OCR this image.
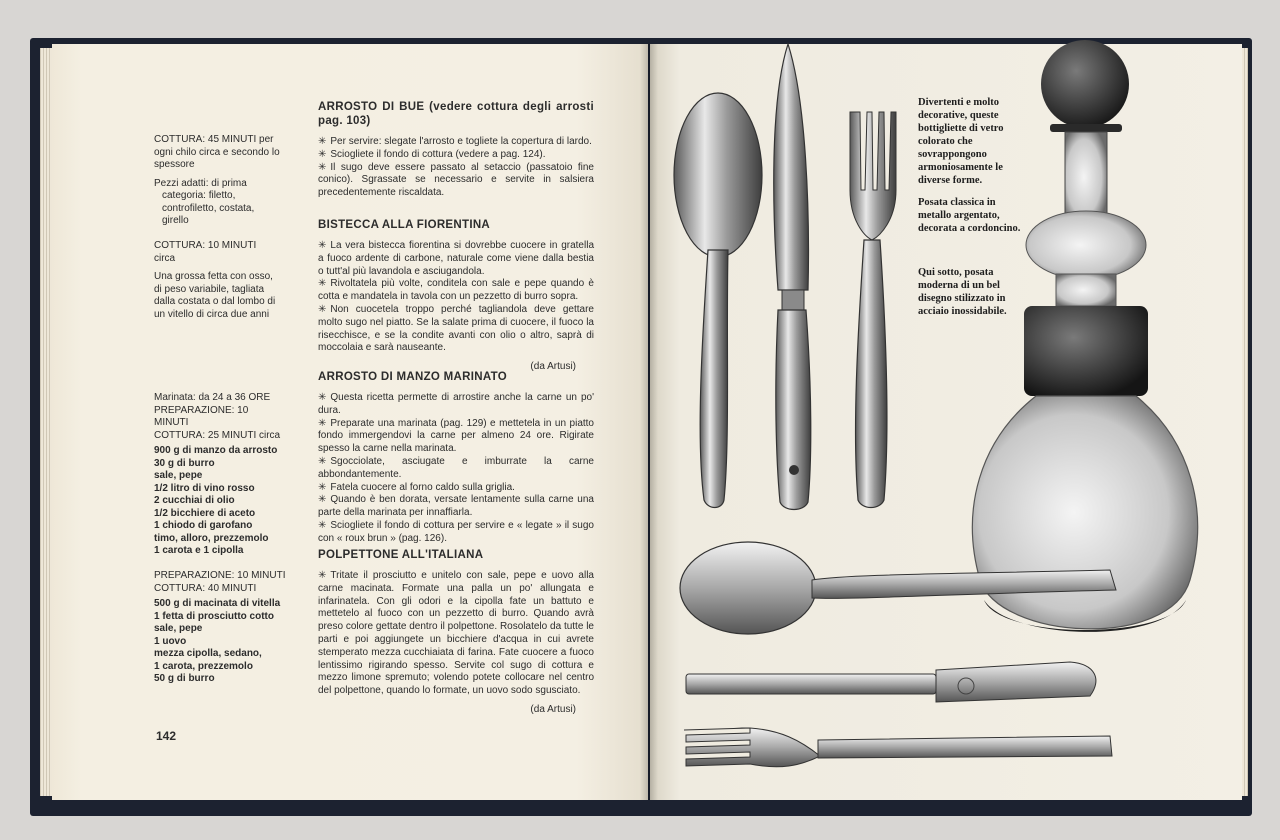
COTTURA: 45 MINUTI per ogni chilo circa e secondo lo spessore

Pezzi adatti: di prima categoria: filetto, controfiletto, costata, girello

COTTURA: 10 MINUTI circa

Una grossa fetta con osso, di peso variabile, tagliata dalla costata o dal lombo di un vitello di circa due anni

Marinata: da 24 a 36 ORE

PREPARAZIONE: 10 MINUTI

COTTURA: 25 MINUTI circa

900 g di manzo da arrosto

30 g di burro

sale, pepe

1/2 litro di vino rosso

2 cucchiai di olio

1/2 bicchiere di aceto

1 chiodo di garofano

timo, alloro, prezzemolo

1 carota e 1 cipolla

PREPARAZIONE: 10 MINUTI

COTTURA: 40 MINUTI

500 g di macinata di vitella

1 fetta di prosciutto cotto

sale, pepe

1 uovo

mezza cipolla, sedano,

1 carota, prezzemolo

50 g di burro

ARROSTO DI BUE (vedere cottura degli arrosti pag. 103)

✳ Per servire: slegate l'arrosto e togliete la copertura di lardo.

✳ Sciogliete il fondo di cottura (vedere a pag. 124).

✳ Il sugo deve essere passato al setaccio (passatoio fine conico). Sgrassate se necessario e servite in salsiera precedentemente riscaldata.

BISTECCA ALLA FIORENTINA

✳ La vera bistecca fiorentina si dovrebbe cuocere in gratella a fuoco ardente di carbone, naturale come viene dalla bestia o tutt'al più lavandola e asciugandola.

✳ Rivoltatela più volte, conditela con sale e pepe quando è cotta e mandatela in tavola con un pezzetto di burro sopra.

✳ Non cuocetela troppo perché tagliandola deve gettare molto sugo nel piatto. Se la salate prima di cuocere, il fuoco la risecchisce, e se la condite avanti con olio o altro, saprà di moccolaia e sarà nauseante.

(da Artusi)

ARROSTO DI MANZO MARINATO

✳ Questa ricetta permette di arrostire anche la carne un po' dura.

✳ Preparate una marinata (pag. 129) e mettetela in un piatto fondo immergendovi la carne per almeno 24 ore. Rigirate spesso la carne nella marinata.

✳ Sgocciolate, asciugate e imburrate la carne abbondantemente.

✳ Fatela cuocere al forno caldo sulla griglia.

✳ Quando è ben dorata, versate lentamente sulla carne una parte della marinata per innaffiarla.

✳ Sciogliete il fondo di cottura per servire e « legate » il sugo con « roux brun » (pag. 126).

POLPETTONE ALL'ITALIANA

✳ Tritate il prosciutto e unitelo con sale, pepe e uovo alla carne macinata. Formate una palla un po' allungata e infarinatela. Con gli odori e la cipolla fate un battuto e mettetelo al fuoco con un pezzetto di burro. Quando avrà preso colore gettate dentro il polpettone. Rosolatelo da tutte le parti e poi aggiungete un bicchiere d'acqua in cui avrete stemperato mezza cucchiaiata di farina. Fate cuocere a fuoco lentissimo rigirando spesso. Servite col sugo di cottura e mezzo limone spremuto; volendo potete collocare nel centro del polpettone, quando lo formate, un uovo sodo sgusciato.

(da Artusi)

142
Divertenti e molto decorative, queste bottigliette di vetro colorato che sovrappongono armoniosamente le diverse forme.
Posata classica in metallo argentato, decorata a cordoncino.
Qui sotto, posata moderna di un bel disegno stilizzato in acciaio inossidabile.
